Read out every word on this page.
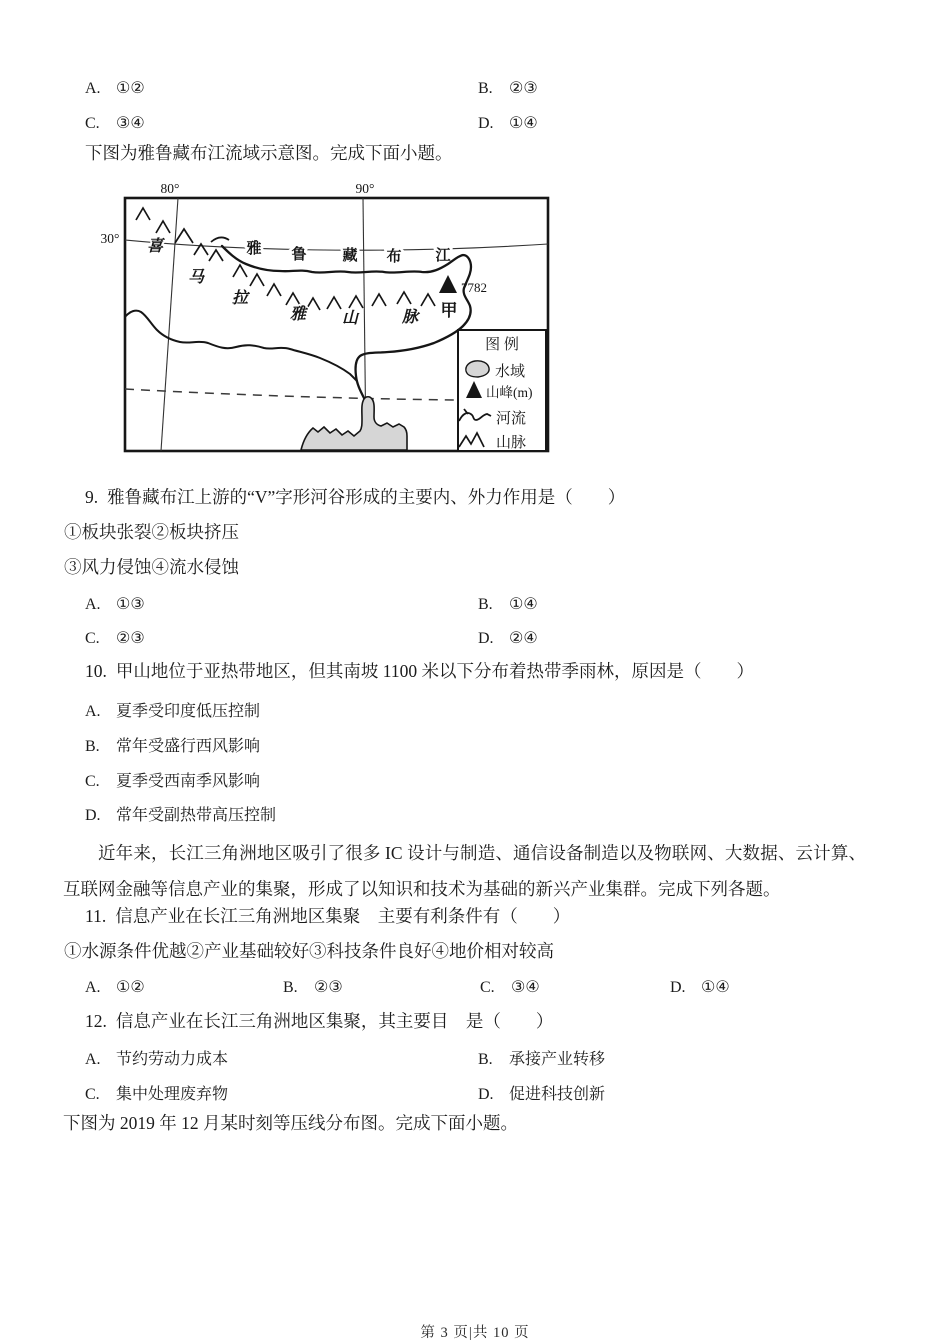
A. ①②	B. ②③
C. ③④	D. ①④
下图为雅鲁藏布江流域示意图。完成下面小题。
80°	90°
30°
雅 鲁 藏 布 江
喜
马
拉
雅 山	脉
7782
甲
图 例
水域
山峰(m)
河流
山脉
9. 雅鲁藏布江上游的“V”字形河谷形成的主要内、外力作用是（　　）
①板块张裂②板块挤压
③风力侵蚀④流水侵蚀
A. ①③	B. ①④
C. ②③	D. ②④
10. 甲山地位于亚热带地区，但其南坡 1100 米以下分布着热带季雨林，原因是（　　）
A. 夏季受印度低压控制
B. 常年受盛行西风影响
C. 夏季受西南季风影响
D. 常年受副热带高压控制
近年来，长江三角洲地区吸引了很多 IC 设计与制造、通信设备制造以及物联网、大数据、云计算、互联网金融等信息产业的集聚，形成了以知识和技术为基础的新兴产业集群。完成下列各题。
11. 信息产业在长江三角洲地区集聚　主要有利条件有（　　）
①水源条件优越②产业基础较好③科技条件良好④地价相对较高
A. ①②	B. ②③	C. ③④	D. ①④
12. 信息产业在长江三角洲地区集聚，其主要目　是（　　）
A. 节约劳动力成本	B. 承接产业转移
C. 集中处理废弃物	D. 促进科技创新
下图为 2019 年 12 月某时刻等压线分布图。完成下面小题。
第 3 页|共 10 页
